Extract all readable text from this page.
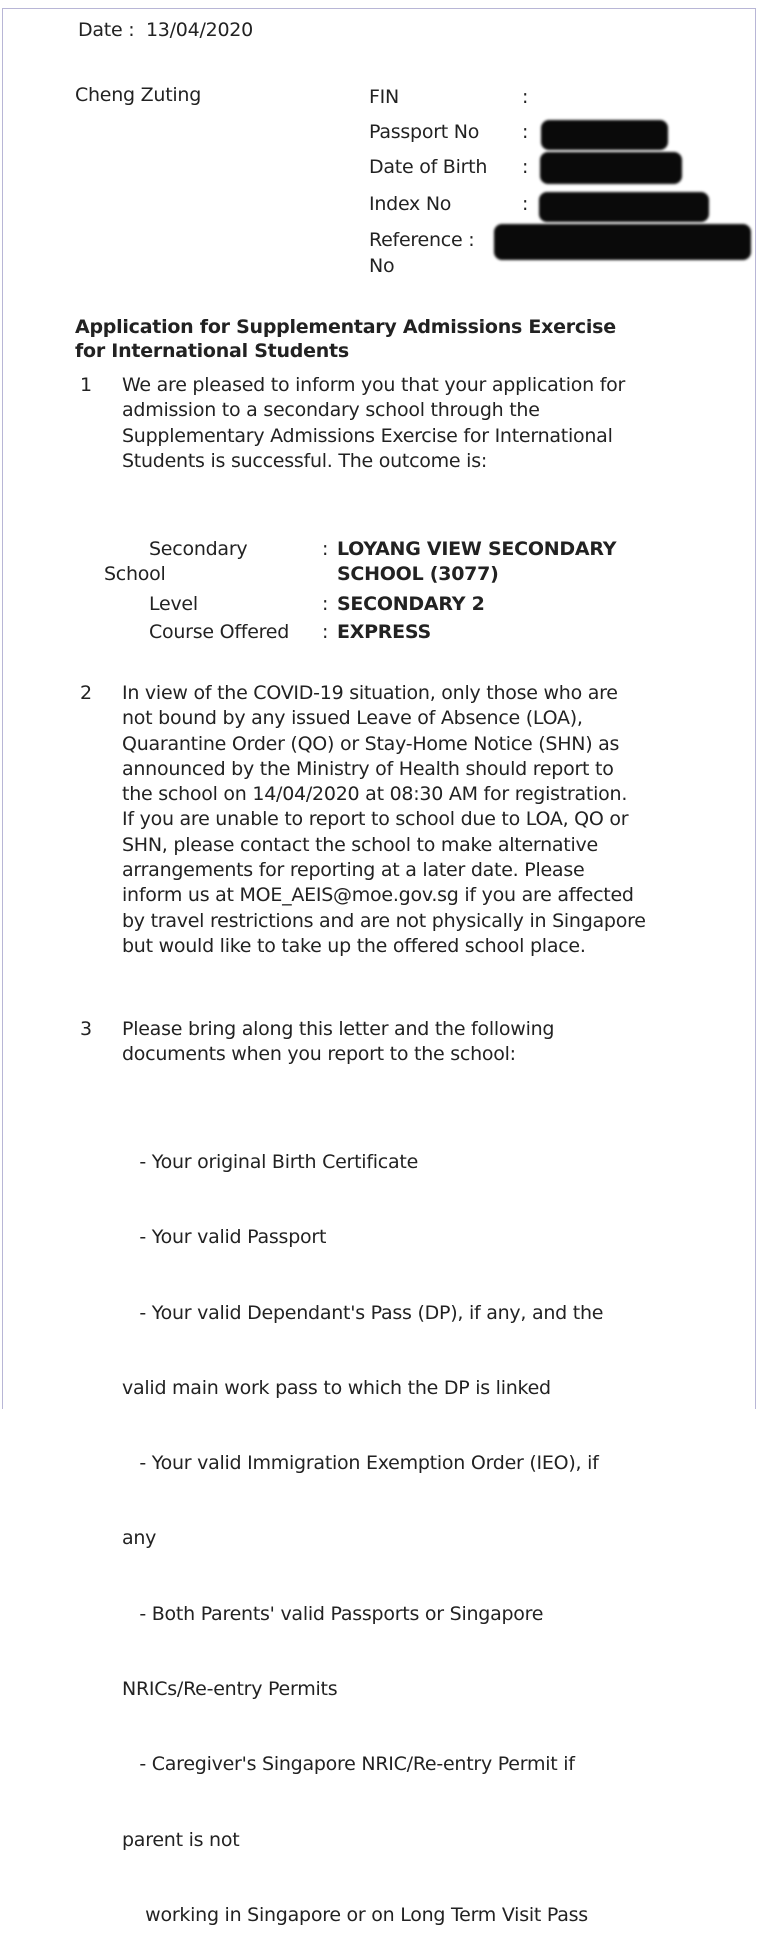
Date : 13/04/2020
Cheng Zuting	FIN	:
Passport No :
Date of Birth :
Index No	:
Reference :
No
Application for Supplementary Admissions Exercise
for International Students
1 We are pleased to inform you that your application for
admission to a secondary school through the
Supplementary Admissions Exercise for International
Students is successful. The outcome is:
Secondary
School
: LOYANG VIEW SECONDARY
SCHOOL (3077)
Level	: SECONDARY 2
Course Offered : EXPRESS
2 In view of the COVID-19 situation, only those who are
not bound by any issued Leave of Absence (LOA),
Quarantine Order (QO) or Stay-Home Notice (SHN) as
announced by the Ministry of Health should report to
the school on 14/04/2020 at 08:30 AM for registration.
If you are unable to report to school due to LOA, QO or
SHN, please contact the school to make alternative
arrangements for reporting at a later date. Please
inform us at MOE_AEIS@moe.gov.sg if you are affected
by travel restrictions and are not physically in Singapore
but would like to take up the offered school place.
3 Please bring along this letter and the following
documents when you report to the school:

- Your original Birth Certificate

- Your valid Passport

- Your valid Dependant's Pass (DP), if any, and the

valid main work pass to which the DP is linked

- Your valid Immigration Exemption Order (IEO), if

any

- Both Parents' valid Passports or Singapore

NRICs/Re-entry Permits

- Caregiver's Singapore NRIC/Re-entry Permit if

parent is not

working in Singapore or on Long Term Visit Pass
